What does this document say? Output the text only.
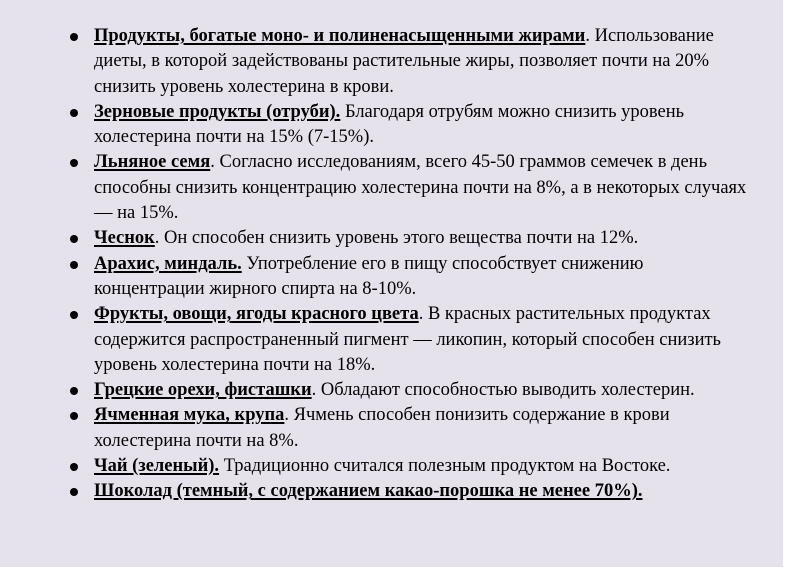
Продукты, богатые моно- и полиненасыщенными жирами. Использование диеты, в которой задействованы растительные жиры, позволяет почти на 20% снизить уровень холестерина в крови.
Зерновые продукты (отруби). Благодаря отрубям можно снизить уровень холестерина почти на 15% (7-15%).
Льняное семя. Согласно исследованиям, всего 45-50 граммов семечек в день способны снизить концентрацию холестерина почти на 8%, а в некоторых случаях — на 15%.
Чеснок. Он способен снизить уровень этого вещества почти на 12%.
Арахис, миндаль. Употребление его в пищу способствует снижению концентрации жирного спирта на 8-10%.
Фрукты, овощи, ягоды красного цвета. В красных растительных продуктах содержится распространенный пигмент — ликопин, который способен снизить уровень холестерина почти на 18%.
Грецкие орехи, фисташки. Обладают способностью выводить холестерин.
Ячменная мука, крупа. Ячмень способен понизить содержание в крови холестерина почти на 8%.
Чай (зеленый). Традиционно считался полезным продуктом на Востоке.
Шоколад (темный, с содержанием какао-порошка не менее 70%).
